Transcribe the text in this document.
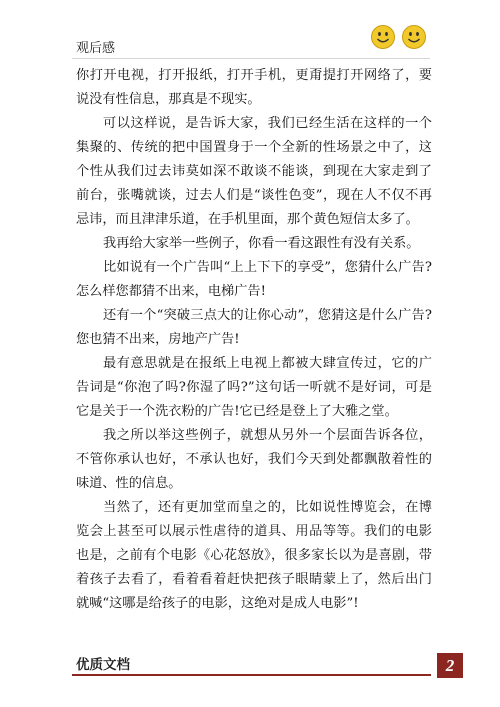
观后感

你打开电视，打开报纸，打开手机，更甭提打开网络了，要说没有性信息，那真是不现实。

可以这样说，是告诉大家，我们已经生活在这样的一个集聚的、传统的把中国置身于一个全新的性场景之中了，这个性从我们过去讳莫如深不敢谈不能谈，到现在大家走到了前台，张嘴就谈，过去人们是“谈性色变”，现在人不仅不再忌讳，而且津津乐道，在手机里面，那个黄色短信太多了。

我再给大家举一些例子，你看一看这跟性有没有关系。

比如说有一个广告叫“上上下下的享受”，您猜什么广告?怎么样您都猜不出来，电梯广告!

还有一个“突破三点大的让你心动”，您猜这是什么广告?您也猜不出来，房地产广告!

最有意思就是在报纸上电视上都被大肆宣传过，它的广告词是“你泡了吗?你湿了吗?”这句话一听就不是好词，可是它是关于一个洗衣粉的广告!它已经是登上了大雅之堂。

我之所以举这些例子，就想从另外一个层面告诉各位，不管你承认也好，不承认也好，我们今天到处都飘散着性的味道、性的信息。

当然了，还有更加堂而皇之的，比如说性博览会，在博览会上甚至可以展示性虐待的道具、用品等等。我们的电影也是，之前有个电影《心花怒放》，很多家长以为是喜剧，带着孩子去看了，看着看着赶快把孩子眼睛蒙上了，然后出门就喊“这哪是给孩子的电影，这绝对是成人电影”!

优质文档	2
